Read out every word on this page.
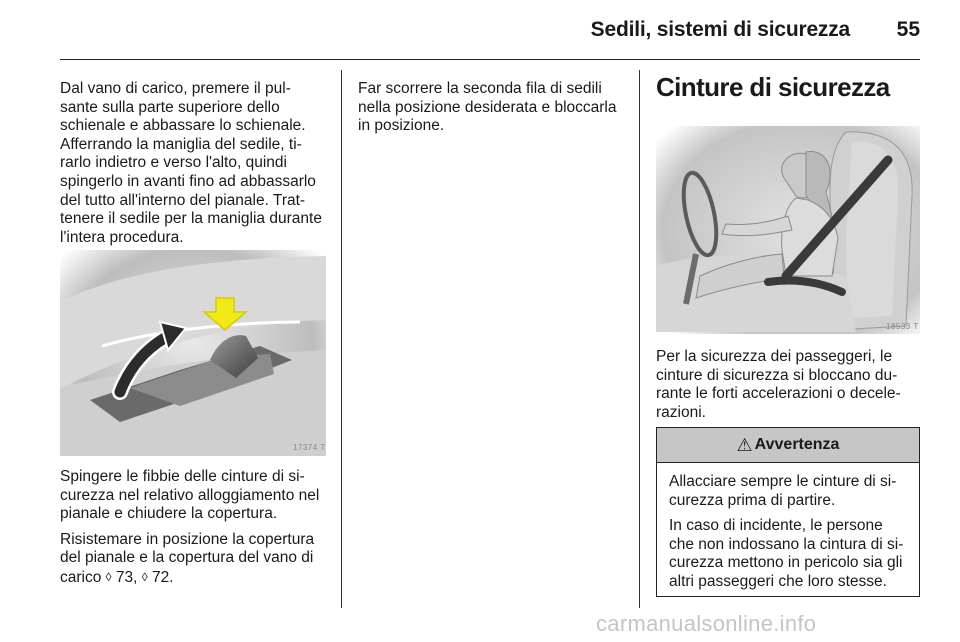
Sedili, sistemi di sicurezza	55

Dal vano di carico, premere il pul-sante sulla parte superiore dello schienale e abbassare lo schienale. Afferrando la maniglia del sedile, ti-rarlo indietro e verso l'alto, quindi spingerlo in avanti fino ad abbassarlo del tutto all'interno del pianale. Trat-tenere il sedile per la maniglia durante l'intera procedura.

17374 T

Spingere le fibbie delle cinture di si-curezza nel relativo alloggiamento nel pianale e chiudere la copertura.

Risistemare in posizione la copertura del pianale e la copertura del vano di carico ◊ 73, ◊ 72.

Far scorrere la seconda fila di sedili nella posizione desiderata e bloccarla in posizione.

Cinture di sicurezza
18533 T

Per la sicurezza dei passeggeri, le cinture di sicurezza si bloccano du-rante le forti accelerazioni o decele-razioni.

⚠ Avvertenza

Allacciare sempre le cinture di si-curezza prima di partire.

In caso di incidente, le persone che non indossano la cintura di si-curezza mettono in pericolo sia gli altri passeggeri che loro stesse.

carmanualsonline.info
